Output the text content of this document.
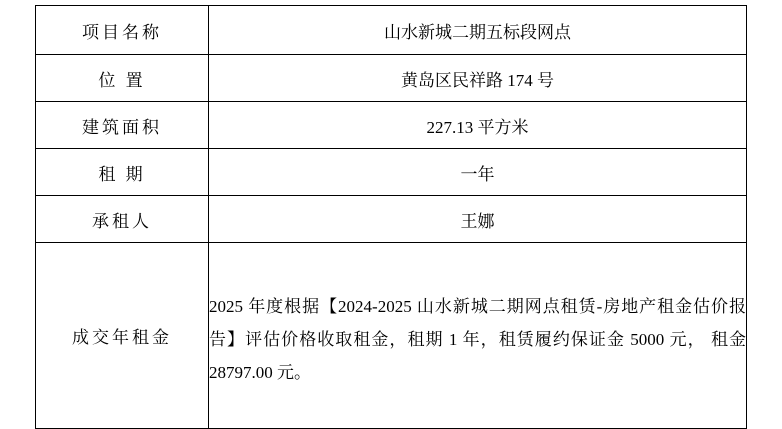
项目名称	山水新城二期五标段网点
位 置	黄岛区民祥路 174 号
建筑面积	227.13 平方米
租 期	一年
承租人	王娜
成交年租金	2025 年度根据【2024-2025 山水新城二期网点租赁-房地产租金估价报告】评估价格收取租金，租期 1 年，租赁履约保证金 5000 元， 租金 28797.00 元。
